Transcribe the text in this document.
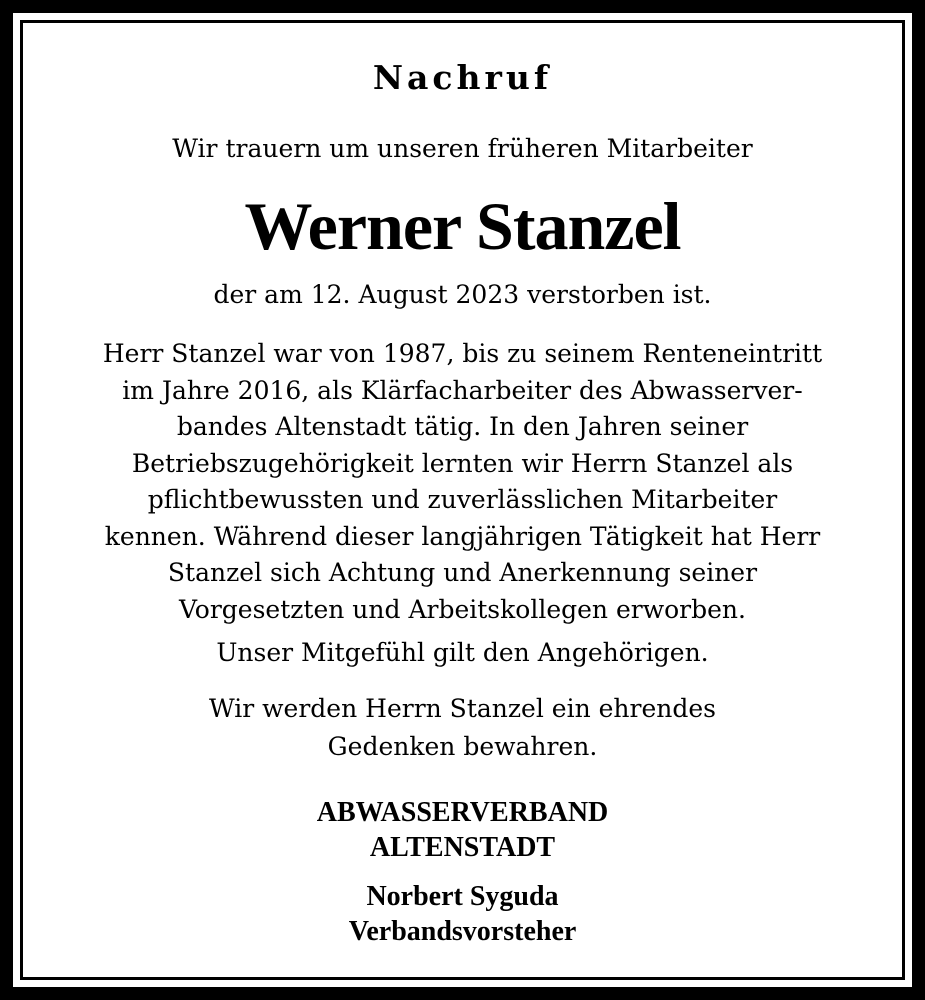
Nachruf

Wir trauern um unseren früheren Mitarbeiter

Werner Stanzel

der am 12. August 2023 verstorben ist.

Herr Stanzel war von 1987, bis zu seinem Renteneintritt
im Jahre 2016, als Klärfacharbeiter des Abwasserver-
bandes Altenstadt tätig. In den Jahren seiner
Betriebszugehörigkeit lernten wir Herrn Stanzel als
pflichtbewussten und zuverlässlichen Mitarbeiter
kennen. Während dieser langjährigen Tätigkeit hat Herr
Stanzel sich Achtung und Anerkennung seiner
Vorgesetzten und Arbeitskollegen erworben.

Unser Mitgefühl gilt den Angehörigen.

Wir werden Herrn Stanzel ein ehrendes
Gedenken bewahren.
ABWASSERVERBAND
ALTENSTADT
Norbert Syguda
Verbandsvorsteher
